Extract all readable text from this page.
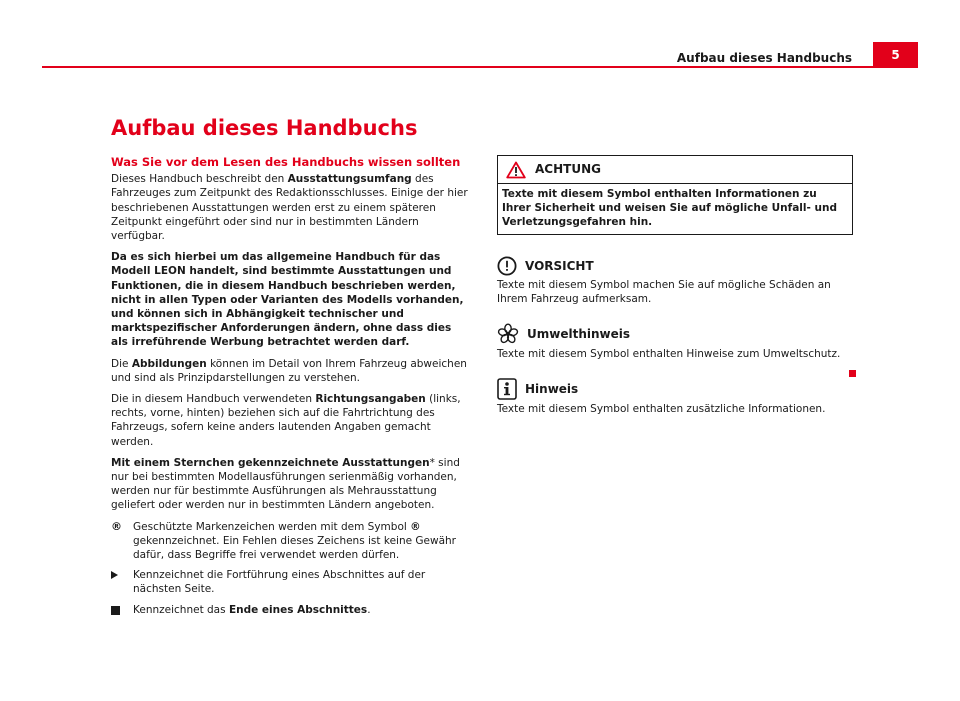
Aufbau dieses Handbuchs	5
Aufbau dieses Handbuchs
Was Sie vor dem Lesen des Handbuchs wissen sollten

Dieses Handbuch beschreibt den Ausstattungsumfang des Fahrzeuges zum Zeitpunkt des Redaktionsschlusses. Einige der hier beschriebenen Ausstattungen werden erst zu einem späteren Zeitpunkt eingeführt oder sind nur in bestimmten Ländern verfügbar.

Da es sich hierbei um das allgemeine Handbuch für das Modell LEON handelt, sind bestimmte Ausstattungen und Funktionen, die in diesem Handbuch beschrieben werden, nicht in allen Typen oder Varianten des Modells vorhanden, und können sich in Abhängigkeit technischer und marktspezifischer Anforderungen ändern, ohne dass dies als irreführende Werbung betrachtet werden darf.

Die Abbildungen können im Detail von Ihrem Fahrzeug abweichen und sind als Prinzipdarstellungen zu verstehen.

Die in diesem Handbuch verwendeten Richtungsangaben (links, rechts, vorne, hinten) beziehen sich auf die Fahrtrichtung des Fahrzeugs, sofern keine anders lautenden Angaben gemacht werden.

Mit einem Sternchen gekennzeichnete Ausstattungen* sind nur bei bestimmten Modellausführungen serienmäßig vorhanden, werden nur für bestimmte Ausführungen als Mehrausstattung geliefert oder werden nur in bestimmten Ländern angeboten.

®	Geschützte Markenzeichen werden mit dem Symbol ® gekennzeichnet. Ein Fehlen dieses Zeichens ist keine Gewähr dafür, dass Begriffe frei verwendet werden dürfen.
Kennzeichnet die Fortführung eines Abschnittes auf der nächsten Seite.
Kennzeichnet das Ende eines Abschnittes.
ACHTUNG
Texte mit diesem Symbol enthalten Informationen zu Ihrer Sicherheit und weisen Sie auf mögliche Unfall- und Verletzungsgefahren hin.
VORSICHT
Texte mit diesem Symbol machen Sie auf mögliche Schäden an Ihrem Fahrzeug aufmerksam.
Umwelthinweis
Texte mit diesem Symbol enthalten Hinweise zum Umweltschutz.
Hinweis
Texte mit diesem Symbol enthalten zusätzliche Informationen.
